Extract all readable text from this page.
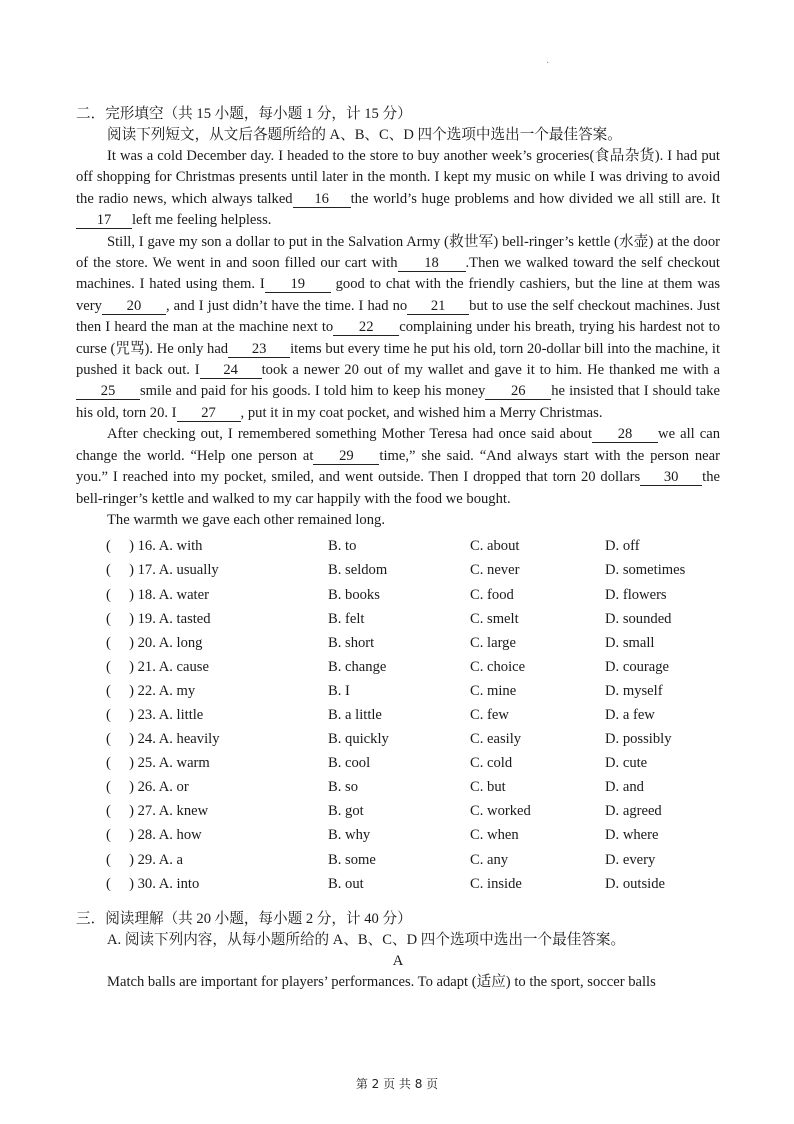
·
二．完形填空（共 15 小题，每小题 1 分，计 15 分）
阅读下列短文，从文后各题所给的 A、B、C、D 四个选项中选出一个最佳答案。

It was a cold December day. I headed to the store to buy another week’s groceries(食品杂货). I had put off shopping for Christmas presents until later in the month. I kept my music on while I was driving to avoid the radio news, which always talked 16 the world’s huge problems and how divided we all still are. It17 left me feeling helpless.

Still, I gave my son a dollar to put in the Salvation Army (救世军) bell-ringer’s kettle (水壶) at the door of the store. We went in and soon filled our cart with 18 .Then we walked toward the self checkout machines. I hated using them. I 19 good to chat with the friendly cashiers, but the line at them was very 20 , and I just didn’t have the time. I had no 21 but to use the self checkout machines. Just then I heard the man at the machine next to 22 complaining under his breath, trying his hardest not to curse (咒骂). He only had 23 items but every time he put his old, torn 20-dollar bill into the machine, it pushed it back out. I 24 took a newer 20 out of my wallet and gave it to him. He thanked me with a25 smile and paid for his goods. I told him to keep his money 26 he insisted that I should take his old, torn 20. I 27 , put it in my coat pocket, and wished him a Merry Christmas.

After checking out, I remembered something Mother Teresa had once said about 28 we all can change the world. “Help one person at 29 time,” she said. “And always start with the person near you.” I reached into my pocket, smiled, and went outside. Then I dropped that torn 20 dollars 30 the bell-ringer’s kettle and walked to my car happily with the food we bought.

The warmth we gave each other remained long.
(　 ) 16. A. with	B. to	C. about	D. off
(　 ) 17. A. usually	B. seldom	C. never	D. sometimes
(　 ) 18. A. water	B. books	C. food	D. flowers
(　 ) 19. A. tasted	B. felt	C. smelt	D. sounded
(　 ) 20. A. long	B. short	C. large	D. small
(　 ) 21. A. cause	B. change	C. choice	D. courage
(　 ) 22. A. my	B. I	C. mine	D. myself
(　 ) 23. A. little	B. a little	C. few	D. a few
(　 ) 24. A. heavily	B. quickly	C. easily	D. possibly
(　 ) 25. A. warm	B. cool	C. cold	D. cute
(　 ) 26. A. or	B. so	C. but	D. and
(　 ) 27. A. knew	B. got	C. worked	D. agreed
(　 ) 28. A. how	B. why	C. when	D. where
(　 ) 29. A. a	B. some	C. any	D. every
(　 ) 30. A. into	B. out	C. inside	D. outside
三．阅读理解（共 20 小题，每小题 2 分，计 40 分）
A. 阅读下列内容，从每小题所给的 A、B、C、D 四个选项中选出一个最佳答案。
A
Match balls are important for players’ performances. To adapt (适应) to the sport, soccer balls
第 2 页 共 8 页
